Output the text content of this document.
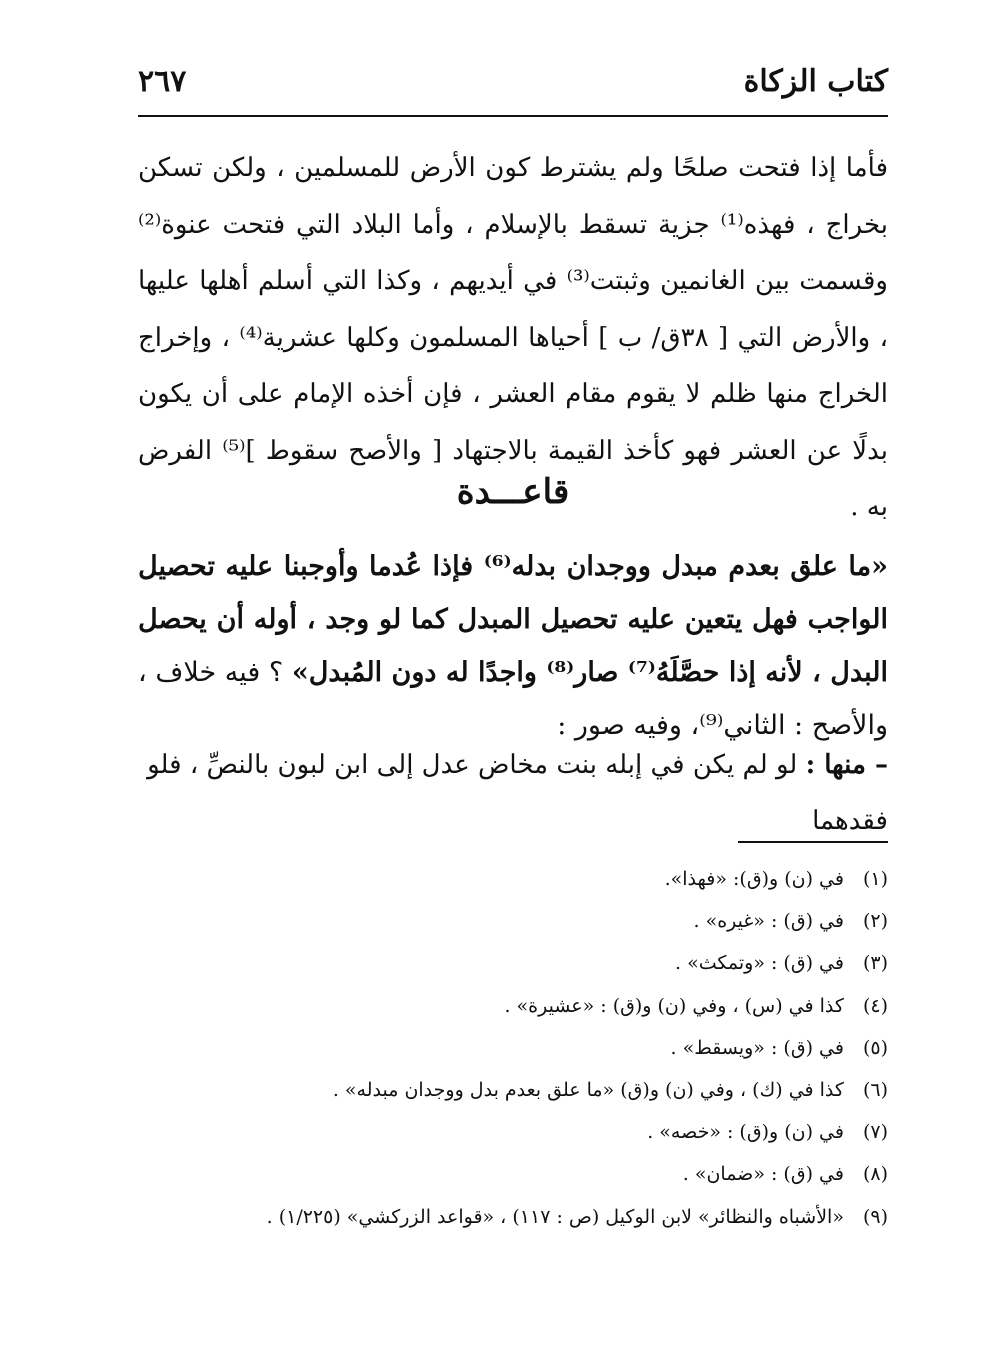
كتاب الزكاة
٢٦٧

فأما إذا فتحت صلحًا ولم يشترط كون الأرض للمسلمين ، ولكن تسكن بخراج ، فهذه⁽¹⁾ جزية تسقط بالإسلام ، وأما البلاد التي فتحت عنوة⁽²⁾ وقسمت بين الغانمين وثبتت⁽³⁾ في أيديهم ، وكذا التي أسلم أهلها عليها ، والأرض التي [ ٣٨ق/ ب ] أحياها المسلمون وكلها عشرية⁽⁴⁾ ، وإخراج الخراج منها ظلم لا يقوم مقام العشر ، فإن أخذه الإمام على أن يكون بدلًا عن العشر فهو كأخذ القيمة بالاجتهاد [ والأصح سقوط ]⁽⁵⁾ الفرض به .

قاعـــدة

«ما علق بعدم مبدل ووجدان بدله⁽⁶⁾ فإذا عُدما وأوجبنا عليه تحصيل الواجب فهل يتعين عليه تحصيل المبدل كما لو وجد ، أوله أن يحصل البدل ، لأنه إذا حصَّلَهُ⁽⁷⁾ صار⁽⁸⁾ واجدًا له دون المُبدل» ؟ فيه خلاف ، والأصح : الثاني⁽⁹⁾، وفيه صور :

– منها : لو لم يكن في إبله بنت مخاض عدل إلى ابن لبون بالنصِّ ، فلو فقدهما
(١) في (ن) و(ق): «فهذا».
(٢) في (ق) : «غيره» .
(٣) في (ق) : «وتمكث» .
(٤) كذا في (س) ، وفي (ن) و(ق) : «عشيرة» .
(٥) في (ق) : «ويسقط» .
(٦) كذا في (ك) ، وفي (ن) و(ق) «ما علق بعدم بدل ووجدان مبدله» .
(٧) في (ن) و(ق) : «خصه» .
(٨) في (ق) : «ضمان» .
(٩) «الأشباه والنظائر» لابن الوكيل (ص : ١١٧) ، «قواعد الزركشي» (١/٢٢٥) .
